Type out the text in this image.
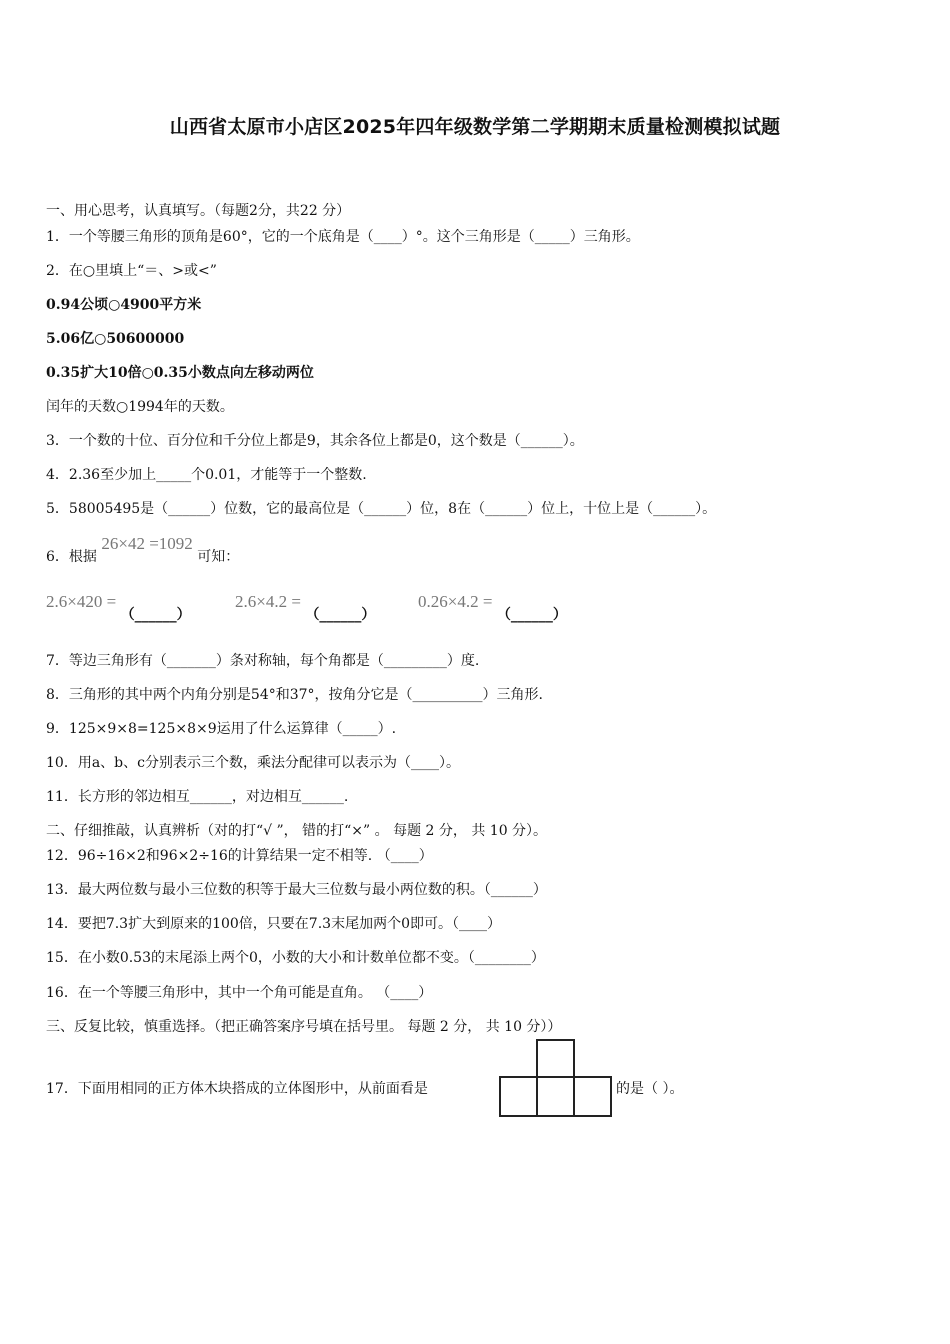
山西省太原市小店区2025年四年级数学第二学期期末质量检测模拟试题
一、用心思考，认真填写。（每题2分，共22 分）
1．一个等腰三角形的顶角是60°，它的一个底角是（____）°。这个三角形是（_____）三角形。
2．在○里填上“＝、>或<”
0.94公顷○4900平方米
5.06亿○50600000
0.35扩大10倍○0.35小数点向左移动两位
闰年的天数○1994年的天数。
3．一个数的十位、百分位和千分位上都是9，其余各位上都是0，这个数是（______）。
4．2.36至少加上_____个0.01，才能等于一个整数.
5．58005495是（______）位数，它的最高位是（______）位，8在（______）位上，十位上是（______）。
6．根据 26×42 =1092 可知：
2.6×420 = （______）
2.6×4.2 = （______）
0.26×4.2 = （______）
7．等边三角形有（_______）条对称轴，每个角都是（_________）度.
8．三角形的其中两个内角分别是54°和37°，按角分它是（__________）三角形.
9．125×9×8=125×8×9运用了什么运算律（_____）.
10．用a、b、c分别表示三个数，乘法分配律可以表示为（____）。
11．长方形的邻边相互______，对边相互______.
二、仔细推敲，认真辨析（对的打“√ ”， 错的打“×” 。 每题 2 分， 共 10 分）。
12．96÷16×2和96×2÷16的计算结果一定不相等. （____）
13．最大两位数与最小三位数的积等于最大三位数与最小两位数的积。（______）
14．要把7.3扩大到原来的100倍，只要在7.3末尾加两个0即可。（____）
15．在小数0.53的末尾添上两个0，小数的大小和计数单位都不变。（________）
16．在一个等腰三角形中，其中一个角可能是直角。 （____）
三、反复比较，慎重选择。（把正确答案序号填在括号里。 每题 2 分， 共 10 分））
17．下面用相同的正方体木块搭成的立体图形中，从前面看是	的是（ ）。
